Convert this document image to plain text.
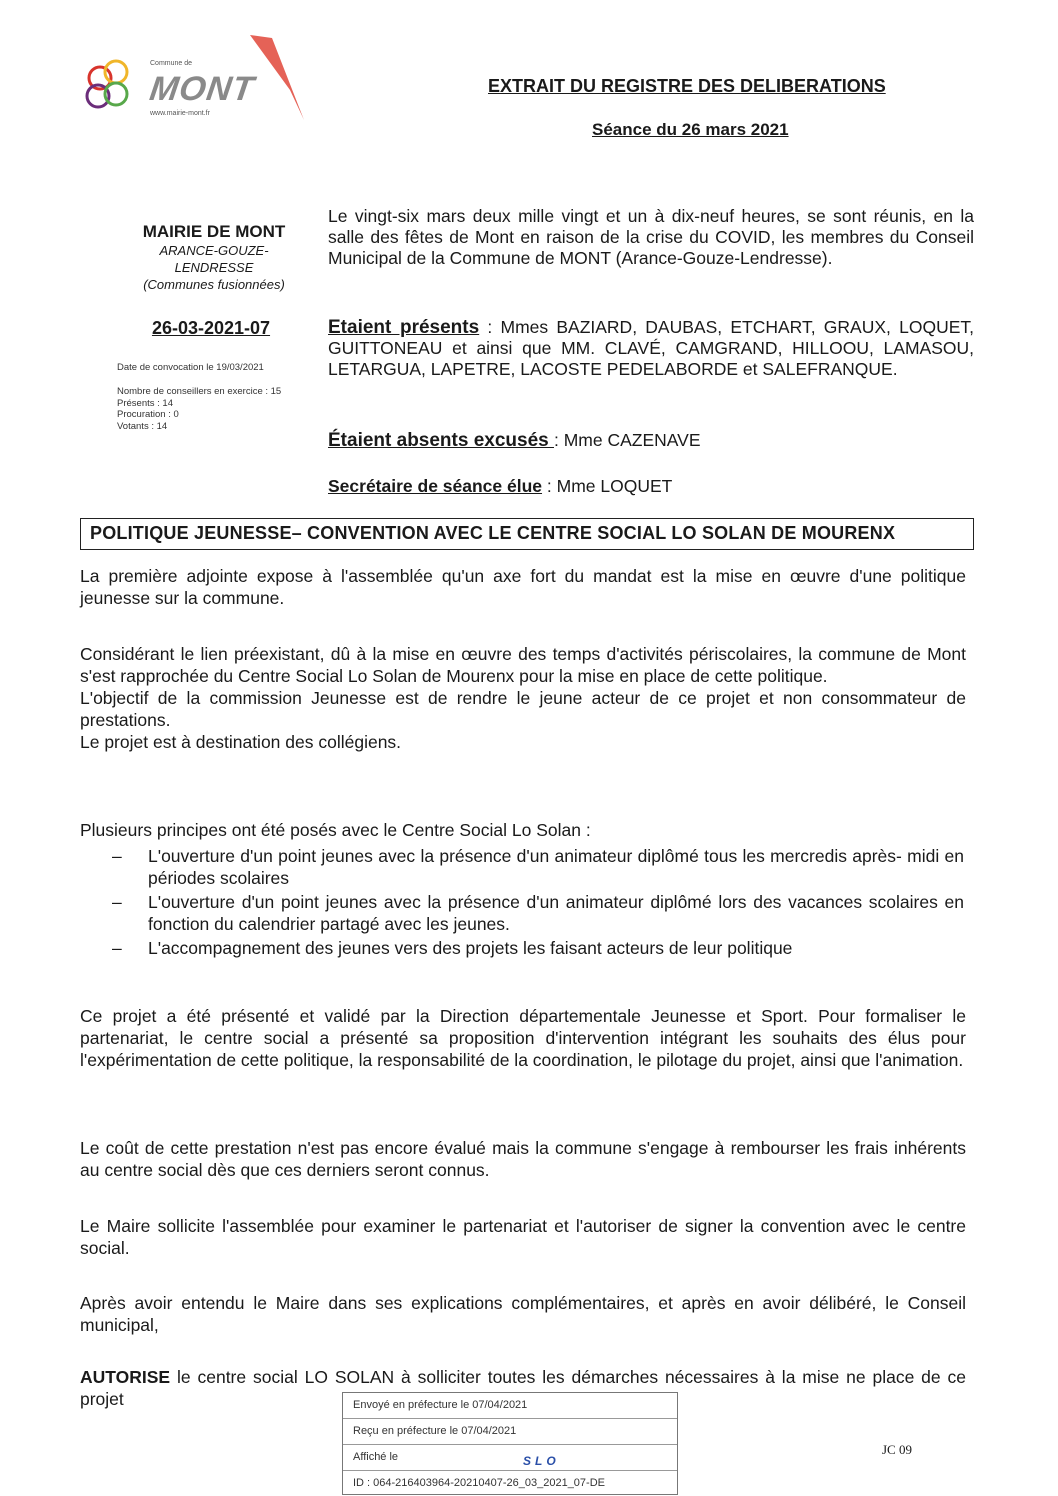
Commune de
MONT
www.mairie-mont.fr
EXTRAIT DU REGISTRE DES DELIBERATIONS
Séance du 26 mars 2021
MAIRIE DE MONT
ARANCE-GOUZE-
LENDRESSE
(Communes fusionnées)
26-03-2021-07
Date de convocation le 19/03/2021
Nombre de conseillers en exercice : 15
Présents : 14
Procuration : 0
Votants : 14
Le vingt-six mars deux mille vingt et un à dix-neuf heures, se sont réunis, en la salle des fêtes de Mont en raison de la crise du COVID, les membres du Conseil Municipal de la Commune de MONT (Arance-Gouze-Lendresse).
Etaient présents : Mmes BAZIARD, DAUBAS, ETCHART, GRAUX, LOQUET, GUITTONEAU et ainsi que MM. CLAVÉ, CAMGRAND, HILLOOU, LAMASOU, LETARGUA, LAPETRE, LACOSTE PEDELABORDE et SALEFRANQUE.
Étaient absents excusés : Mme CAZENAVE
Secrétaire de séance élue : Mme LOQUET
POLITIQUE JEUNESSE– CONVENTION AVEC LE CENTRE SOCIAL LO SOLAN DE MOURENX
La première adjointe expose à l'assemblée qu'un axe fort du mandat est la mise en œuvre d'une politique jeunesse sur la commune.
Considérant le lien préexistant, dû à la mise en œuvre des temps d'activités périscolaires, la commune de Mont s'est rapprochée du Centre Social Lo Solan de Mourenx pour la mise en place de cette politique.
L'objectif de la commission Jeunesse est de rendre le jeune acteur de ce projet et non consommateur de prestations.
Le projet est à destination des collégiens.
Plusieurs principes ont été posés avec le Centre Social Lo Solan :
– L'ouverture d'un point jeunes avec la présence d'un animateur diplômé tous les mercredis après- midi en périodes scolaires
– L'ouverture d'un point jeunes avec la présence d'un animateur diplômé lors des vacances scolaires en fonction du calendrier partagé avec les jeunes.
– L'accompagnement des jeunes vers des projets les faisant acteurs de leur politique
Ce projet a été présenté et validé par la Direction départementale Jeunesse et Sport. Pour formaliser le partenariat, le centre social a présenté sa proposition d'intervention intégrant les souhaits des élus pour l'expérimentation de cette politique, la responsabilité de la coordination, le pilotage du projet, ainsi que l'animation.
Le coût de cette prestation n'est pas encore évalué mais la commune s'engage à rembourser les frais inhérents au centre social dès que ces derniers seront connus.
Le Maire sollicite l'assemblée pour examiner le partenariat et l'autoriser de signer la convention avec le centre social.
Après avoir entendu le Maire dans ses explications complémentaires, et après en avoir délibéré, le Conseil municipal,
AUTORISE le centre social LO SOLAN à solliciter toutes les démarches nécessaires à la mise ne place de ce projet	Envoyé en préfecture le 07/04/2021
Reçu en préfecture le 07/04/2021
Affiché le	SLO
ID : 064-216403964-20210407-26_03_2021_07-DE
JC 09
